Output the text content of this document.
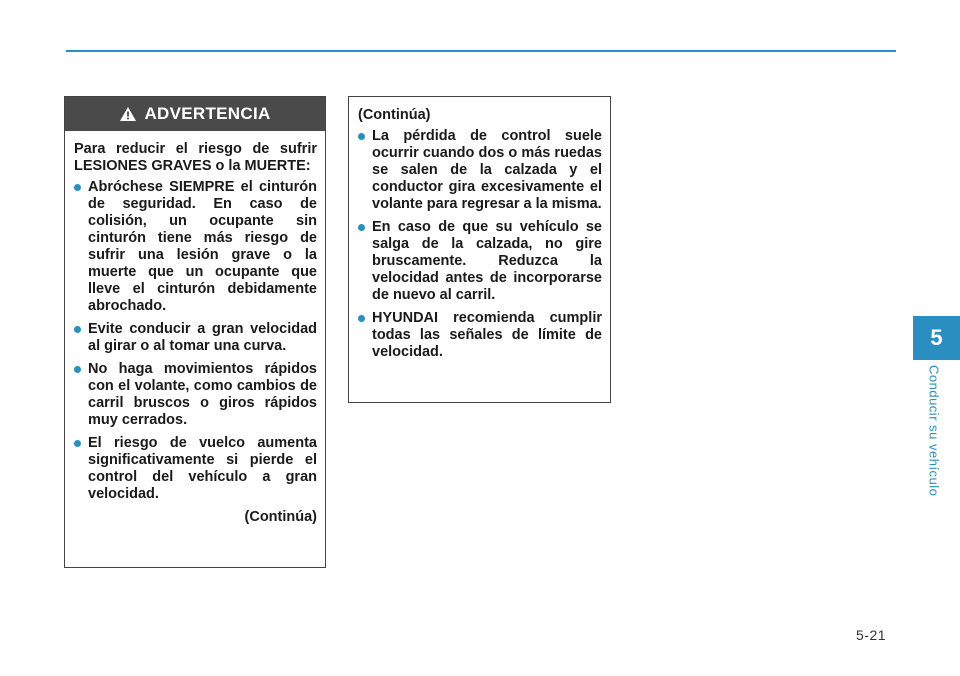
ADVERTENCIA

Para reducir el riesgo de sufrir LESIONES GRAVES o la MUERTE:

Abróchese SIEMPRE el cinturón de seguridad. En caso de colisión, un ocupante sin cinturón tiene más riesgo de sufrir una lesión grave o la muerte que un ocupante que lleve el cinturón debidamente abrochado.
Evite conducir a gran velocidad al girar o al tomar una curva.
No haga movimientos rápidos con el volante, como cambios de carril bruscos o giros rápidos muy cerrados.
El riesgo de vuelco aumenta significativamente si pierde el control del vehículo a gran velocidad.
(Continúa)

(Continúa)

La pérdida de control suele ocurrir cuando dos o más ruedas se salen de la calzada y el conductor gira excesivamente el volante para regresar a la misma.
En caso de que su vehículo se salga de la calzada, no gire bruscamente. Reduzca la velocidad antes de incorporarse de nuevo al carril.
HYUNDAI recomienda cumplir todas las señales de límite de velocidad.
5
Conducir su vehículo
5-21
